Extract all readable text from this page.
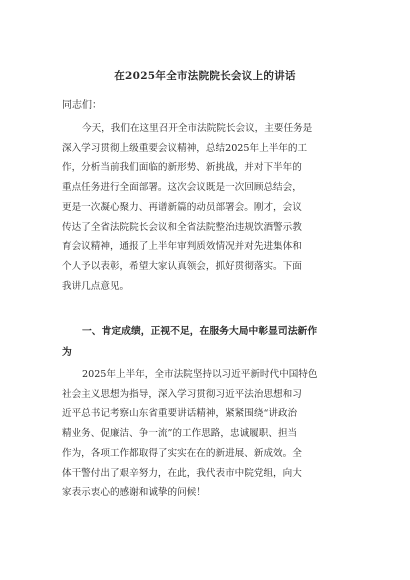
在2025年全市法院院长会议上的讲话
同志们：
今天，我们在这里召开全市法院院长会议，主要任务是
深入学习贯彻上级重要会议精神，总结2025年上半年的工
作，分析当前我们面临的新形势、新挑战，并对下半年的
重点任务进行全面部署。这次会议既是一次回顾总结会，
更是一次凝心聚力、再谱新篇的动员部署会。刚才，会议
传达了全省法院院长会议和全省法院整治违规饮酒警示教
育会议精神，通报了上半年审判质效情况并对先进集体和
个人予以表彰，希望大家认真领会，抓好贯彻落实。下面
我讲几点意见。
一、肯定成绩，正视不足，在服务大局中彰显司法新作
为
2025年上半年，全市法院坚持以习近平新时代中国特色
社会主义思想为指导，深入学习贯彻习近平法治思想和习
近平总书记考察山东省重要讲话精神，紧紧围绕“讲政治
精业务、促廉洁、争一流”的工作思路，忠诚履职、担当
作为，各项工作都取得了实实在在的新进展、新成效。全
体干警付出了艰辛努力，在此，我代表市中院党组，向大
家表示衷心的感谢和诚挚的问候！
